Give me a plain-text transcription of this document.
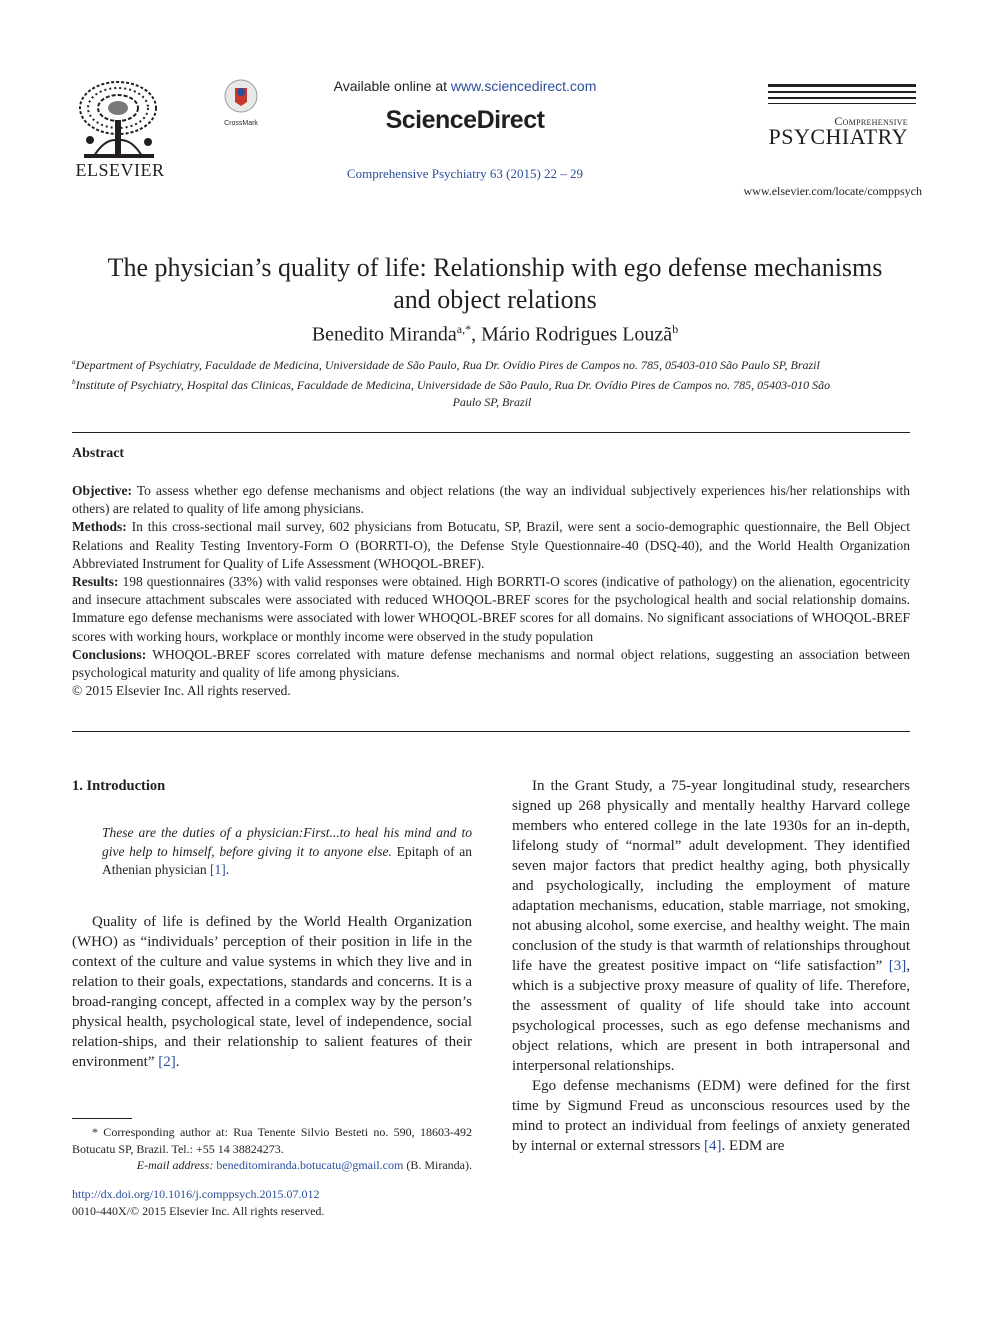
ELSEVIER
CrossMark
Available online at www.sciencedirect.com
ScienceDirect
Comprehensive Psychiatry 63 (2015) 22 – 29
Comprehensive
PSYCHIATRY
www.elsevier.com/locate/comppsych
The physician’s quality of life: Relationship with ego defense mechanisms
and object relations
Benedito Miranda$^{a,*}$, Mário Rodrigues Louzã$^b$
$^a$Department of Psychiatry, Faculdade de Medicina, Universidade de São Paulo, Rua Dr. Ovídio Pires de Campos no. 785, 05403-010 São Paulo SP, Brazil
$^b$Institute of Psychiatry, Hospital das Clinicas, Faculdade de Medicina, Universidade de São Paulo, Rua Dr. Ovídio Pires de Campos no. 785, 05403-010 São
Paulo SP, Brazil
Abstract

Objective: To assess whether ego defense mechanisms and object relations (the way an individual subjectively experiences his/her relationships with others) are related to quality of life among physicians.

Methods: In this cross-sectional mail survey, 602 physicians from Botucatu, SP, Brazil, were sent a socio-demographic questionnaire, the Bell Object Relations and Reality Testing Inventory-Form O (BORRTI-O), the Defense Style Questionnaire-40 (DSQ-40), and the World Health Organization Abbreviated Instrument for Quality of Life Assessment (WHOQOL-BREF).

Results: 198 questionnaires (33%) with valid responses were obtained. High BORRTI-O scores (indicative of pathology) on the alienation, egocentricity and insecure attachment subscales were associated with reduced WHOQOL-BREF scores for the psychological health and social relationship domains. Immature ego defense mechanisms were associated with lower WHOQOL-BREF scores for all domains. No significant associations of WHOQOL-BREF scores with working hours, workplace or monthly income were observed in the study population

Conclusions: WHOQOL-BREF scores correlated with mature defense mechanisms and normal object relations, suggesting an association between psychological maturity and quality of life among physicians.

© 2015 Elsevier Inc. All rights reserved.

1. Introduction
These are the duties of a physician:First...to heal his mind and to give help to himself, before giving it to anyone else. Epitaph of an Athenian physician [1].

Quality of life is defined by the World Health Organization (WHO) as “individuals’ perception of their position in life in the context of the culture and value systems in which they live and in relation to their goals, expectations, standards and concerns. It is a broad-ranging concept, affected in a complex way by the person’s physical health, psychological state, level of independence, social relation-ships, and their relationship to salient features of their environment” [2].

* Corresponding author at: Rua Tenente Silvio Besteti no. 590, 18603-492 Botucatu SP, Brazil. Tel.: +55 14 38824273.

E-mail address: beneditomiranda.botucatu@gmail.com (B. Miranda).

http://dx.doi.org/10.1016/j.comppsych.2015.07.012
0010-440X/© 2015 Elsevier Inc. All rights reserved.

In the Grant Study, a 75-year longitudinal study, researchers signed up 268 physically and mentally healthy Harvard college members who entered college in the late 1930s for an in-depth, lifelong study of “normal” adult development. They identified seven major factors that predict healthy aging, both physically and psychologically, including the employment of mature adaptation mechanisms, education, stable marriage, not smoking, not abusing alcohol, some exercise, and healthy weight. The main conclusion of the study is that warmth of relationships throughout life have the greatest positive impact on “life satisfaction” [3], which is a subjective proxy measure of quality of life. Therefore, the assessment of quality of life should take into account psychological processes, such as ego defense mechanisms and object relations, which are present in both intrapersonal and interpersonal relationships.

Ego defense mechanisms (EDM) were defined for the first time by Sigmund Freud as unconscious resources used by the mind to protect an individual from feelings of anxiety generated by internal or external stressors [4]. EDM are
